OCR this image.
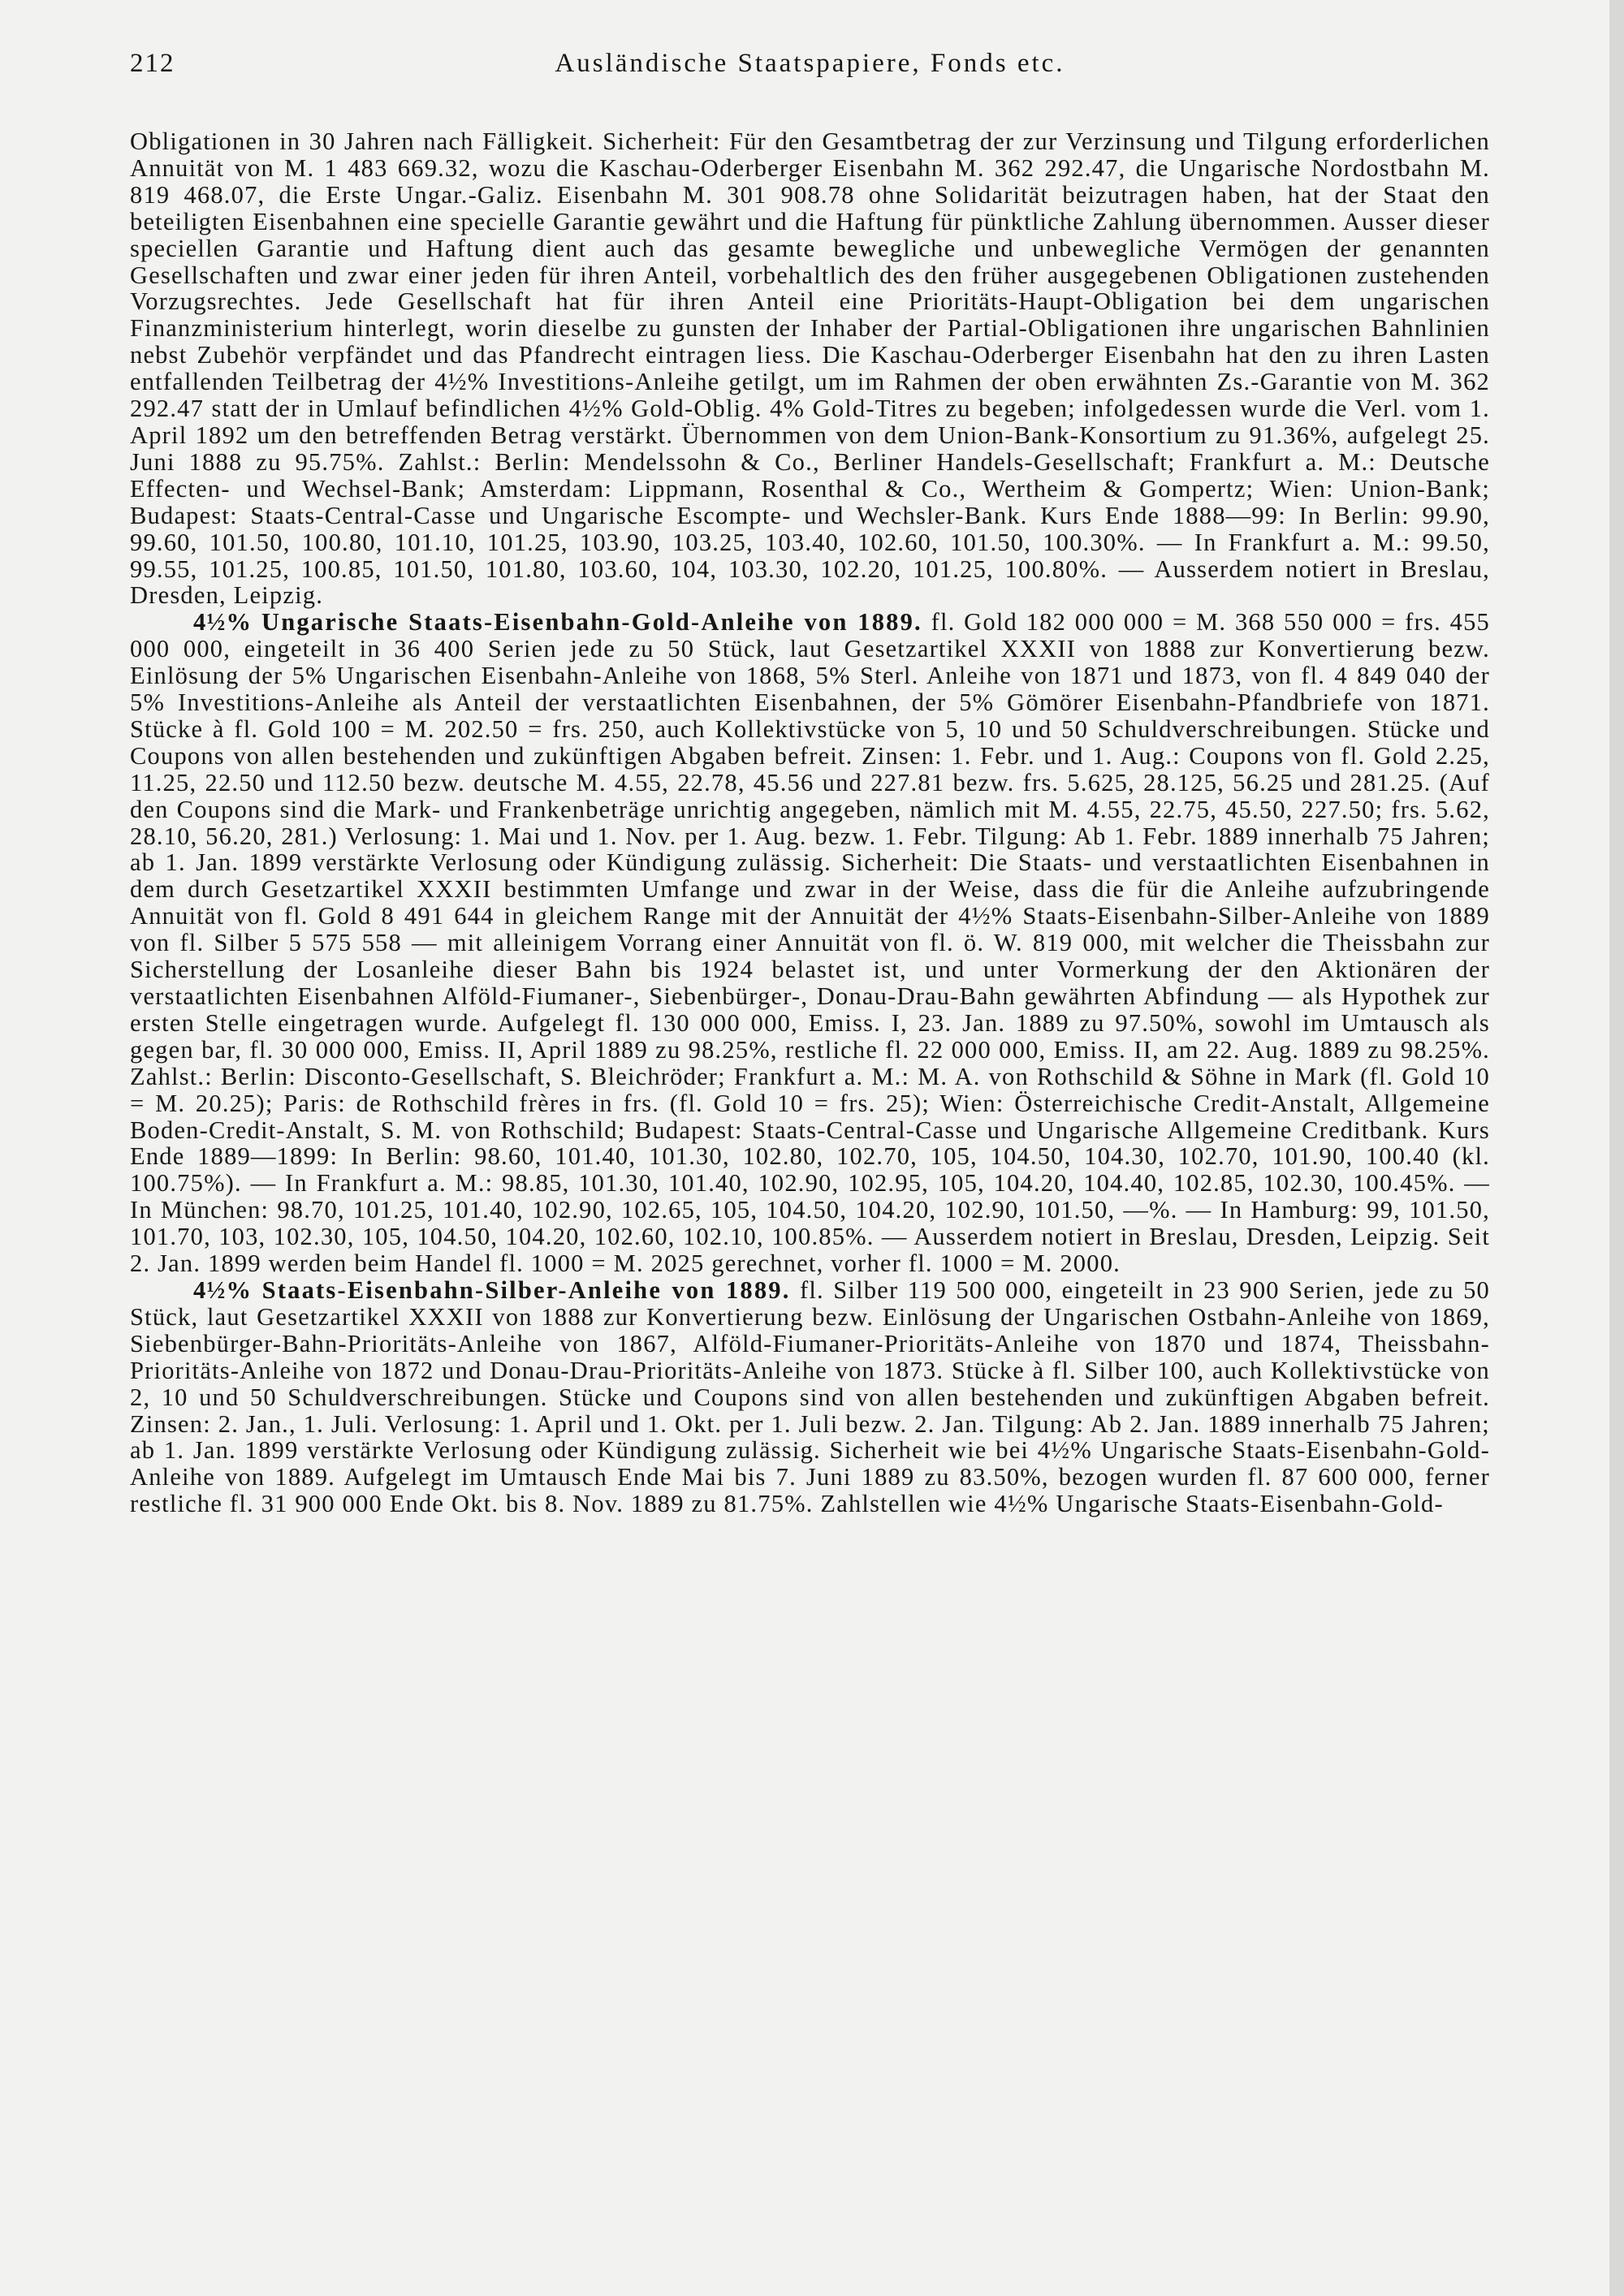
212	Ausländische Staatspapiere, Fonds etc.

Obligationen in 30 Jahren nach Fälligkeit. Sicherheit: Für den Gesamtbetrag der zur Verzinsung und Tilgung erforderlichen Annuität von M. 1 483 669.32, wozu die Kaschau-Oderberger Eisenbahn M. 362 292.47, die Ungarische Nordostbahn M. 819 468.07, die Erste Ungar.-Galiz. Eisenbahn M. 301 908.78 ohne Solidarität beizutragen haben, hat der Staat den beteiligten Eisenbahnen eine specielle Garantie gewährt und die Haftung für pünktliche Zahlung übernommen. Ausser dieser speciellen Garantie und Haftung dient auch das gesamte bewegliche und unbewegliche Vermögen der genannten Gesellschaften und zwar einer jeden für ihren Anteil, vorbehaltlich des den früher ausgegebenen Obligationen zustehenden Vorzugsrechtes. Jede Gesellschaft hat für ihren Anteil eine Prioritäts-Haupt-Obligation bei dem ungarischen Finanzministerium hinterlegt, worin dieselbe zu gunsten der Inhaber der Partial-Obligationen ihre ungarischen Bahnlinien nebst Zubehör verpfändet und das Pfandrecht eintragen liess. Die Kaschau-Oderberger Eisenbahn hat den zu ihren Lasten entfallenden Teilbetrag der 4½% Investitions-Anleihe getilgt, um im Rahmen der oben erwähnten Zs.-Garantie von M. 362 292.47 statt der in Umlauf befindlichen 4½% Gold-Oblig. 4% Gold-Titres zu begeben; infolgedessen wurde die Verl. vom 1. April 1892 um den betreffenden Betrag verstärkt. Übernommen von dem Union-Bank-Konsortium zu 91.36%, aufgelegt 25. Juni 1888 zu 95.75%. Zahlst.: Berlin: Mendelssohn & Co., Berliner Handels-Gesellschaft; Frankfurt a. M.: Deutsche Effecten- und Wechsel-Bank; Amsterdam: Lippmann, Rosenthal & Co., Wertheim & Gompertz; Wien: Union-Bank; Budapest: Staats-Central-Casse und Ungarische Escompte- und Wechsler-Bank. Kurs Ende 1888—99: In Berlin: 99.90, 99.60, 101.50, 100.80, 101.10, 101.25, 103.90, 103.25, 103.40, 102.60, 101.50, 100.30%. — In Frankfurt a. M.: 99.50, 99.55, 101.25, 100.85, 101.50, 101.80, 103.60, 104, 103.30, 102.20, 101.25, 100.80%. — Ausserdem notiert in Breslau, Dresden, Leipzig.

4½% Ungarische Staats-Eisenbahn-Gold-Anleihe von 1889. fl. Gold 182 000 000 = M. 368 550 000 = frs. 455 000 000, eingeteilt in 36 400 Serien jede zu 50 Stück, laut Gesetzartikel XXXII von 1888 zur Konvertierung bezw. Einlösung der 5% Ungarischen Eisenbahn-Anleihe von 1868, 5% Sterl. Anleihe von 1871 und 1873, von fl. 4 849 040 der 5% Investitions-Anleihe als Anteil der verstaatlichten Eisenbahnen, der 5% Gömörer Eisenbahn-Pfandbriefe von 1871. Stücke à fl. Gold 100 = M. 202.50 = frs. 250, auch Kollektivstücke von 5, 10 und 50 Schuldverschreibungen. Stücke und Coupons von allen bestehenden und zukünftigen Abgaben befreit. Zinsen: 1. Febr. und 1. Aug.: Coupons von fl. Gold 2.25, 11.25, 22.50 und 112.50 bezw. deutsche M. 4.55, 22.78, 45.56 und 227.81 bezw. frs. 5.625, 28.125, 56.25 und 281.25. (Auf den Coupons sind die Mark- und Frankenbeträge unrichtig angegeben, nämlich mit M. 4.55, 22.75, 45.50, 227.50; frs. 5.62, 28.10, 56.20, 281.) Verlosung: 1. Mai und 1. Nov. per 1. Aug. bezw. 1. Febr. Tilgung: Ab 1. Febr. 1889 innerhalb 75 Jahren; ab 1. Jan. 1899 verstärkte Verlosung oder Kündigung zulässig. Sicherheit: Die Staats- und verstaatlichten Eisenbahnen in dem durch Gesetzartikel XXXII bestimmten Umfange und zwar in der Weise, dass die für die Anleihe aufzubringende Annuität von fl. Gold 8 491 644 in gleichem Range mit der Annuität der 4½% Staats-Eisenbahn-Silber-Anleihe von 1889 von fl. Silber 5 575 558 — mit alleinigem Vorrang einer Annuität von fl. ö. W. 819 000, mit welcher die Theissbahn zur Sicherstellung der Losanleihe dieser Bahn bis 1924 belastet ist, und unter Vormerkung der den Aktionären der verstaatlichten Eisenbahnen Alföld-Fiumaner-, Siebenbürger-, Donau-Drau-Bahn gewährten Abfindung — als Hypothek zur ersten Stelle eingetragen wurde. Aufgelegt fl. 130 000 000, Emiss. I, 23. Jan. 1889 zu 97.50%, sowohl im Umtausch als gegen bar, fl. 30 000 000, Emiss. II, April 1889 zu 98.25%, restliche fl. 22 000 000, Emiss. II, am 22. Aug. 1889 zu 98.25%. Zahlst.: Berlin: Disconto-Gesellschaft, S. Bleichröder; Frankfurt a. M.: M. A. von Rothschild & Söhne in Mark (fl. Gold 10 = M. 20.25); Paris: de Rothschild frères in frs. (fl. Gold 10 = frs. 25); Wien: Österreichische Credit-Anstalt, Allgemeine Boden-Credit-Anstalt, S. M. von Rothschild; Budapest: Staats-Central-Casse und Ungarische Allgemeine Creditbank. Kurs Ende 1889—1899: In Berlin: 98.60, 101.40, 101.30, 102.80, 102.70, 105, 104.50, 104.30, 102.70, 101.90, 100.40 (kl. 100.75%). — In Frankfurt a. M.: 98.85, 101.30, 101.40, 102.90, 102.95, 105, 104.20, 104.40, 102.85, 102.30, 100.45%. — In München: 98.70, 101.25, 101.40, 102.90, 102.65, 105, 104.50, 104.20, 102.90, 101.50, —%. — In Hamburg: 99, 101.50, 101.70, 103, 102.30, 105, 104.50, 104.20, 102.60, 102.10, 100.85%. — Ausserdem notiert in Breslau, Dresden, Leipzig. Seit 2. Jan. 1899 werden beim Handel fl. 1000 = M. 2025 gerechnet, vorher fl. 1000 = M. 2000.

4½% Staats-Eisenbahn-Silber-Anleihe von 1889. fl. Silber 119 500 000, eingeteilt in 23 900 Serien, jede zu 50 Stück, laut Gesetzartikel XXXII von 1888 zur Konvertierung bezw. Einlösung der Ungarischen Ostbahn-Anleihe von 1869, Siebenbürger-Bahn-Prioritäts-Anleihe von 1867, Alföld-Fiumaner-Prioritäts-Anleihe von 1870 und 1874, Theissbahn-Prioritäts-Anleihe von 1872 und Donau-Drau-Prioritäts-Anleihe von 1873. Stücke à fl. Silber 100, auch Kollektivstücke von 2, 10 und 50 Schuldverschreibungen. Stücke und Coupons sind von allen bestehenden und zukünftigen Abgaben befreit. Zinsen: 2. Jan., 1. Juli. Verlosung: 1. April und 1. Okt. per 1. Juli bezw. 2. Jan. Tilgung: Ab 2. Jan. 1889 innerhalb 75 Jahren; ab 1. Jan. 1899 verstärkte Verlosung oder Kündigung zulässig. Sicherheit wie bei 4½% Ungarische Staats-Eisenbahn-Gold-Anleihe von 1889. Aufgelegt im Umtausch Ende Mai bis 7. Juni 1889 zu 83.50%, bezogen wurden fl. 87 600 000, ferner restliche fl. 31 900 000 Ende Okt. bis 8. Nov. 1889 zu 81.75%. Zahlstellen wie 4½% Ungarische Staats-Eisenbahn-Gold-
